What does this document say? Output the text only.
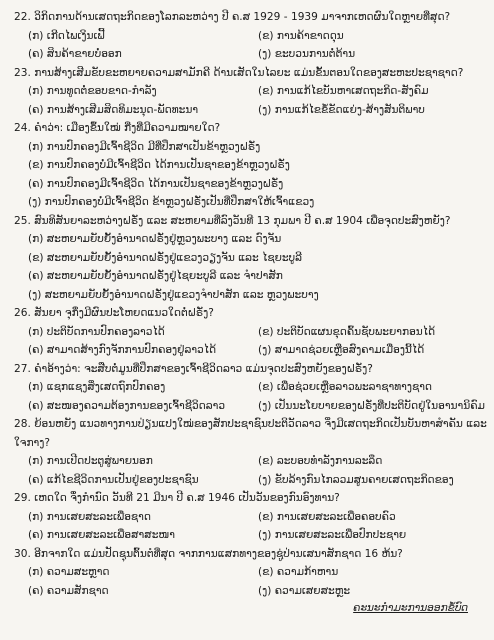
22. ວິກິດການດ້ານເສດຖະກິດຂອງໂລກລະຫວ່າງ ປີ ຄ.ສ 1929 - 1939 ມາຈາກເຫດຜົນໃດຫຼາຍທີ່ສຸດ?
(ກ) ເກີດໄພເງິນເຟີ້	(ຂ) ການຄ້າຂາດດຸນ
(ຄ) ສິນຄ້າຂາຍບໍ່ອອກ	(ງ) ຂະບວນການຕໍ່ຕ້ານ
23. ການສ້າງເສີມຂັບຂະຫຍາຍຄວາມສາມັກຄີ ດ້ານເສັດໃນໄລຍະ ແມ່ນຂັ້ນຕອນໃດຂອງສະຫະປະຊາຊາດ?
(ກ) ການທູດຕໍ່ຂອບຂາດ-ກຳລັງ	(ຂ) ການແກ້ໄຂບັນຫາເສດຖະກິດ-ສັງຄົມ
(ຄ) ການສ້າງເສີມສິດທິມະນຸດ-ພັດທະນາ	(ງ) ການແກ້ໄຂຂໍ້ຂັດແຍ່ງ-ສ້າງສັນຕິພາບ
24. ຄຳວ່າ: ເມືອງຂຶ້ນໃໝ່ ກີ່ງທີ່ມີຄວາມໝາຍໃດ?
(ກ) ການປົກຄອງມີເຈົ້າຊີວິດ ມີທີ່ປຶກສາເປັນຂ້າຫຼວງຝຣັ່ງ
(ຂ) ການປົກຄອງບໍ່ມີເຈົ້າຊີວິດ ໄດ້ການເປັນຊາຂອງຂ້າຫຼວງຝຣັ່ງ
(ຄ) ການປົກຄອງມີເຈົ້າຊີວິດ ໄດ້ການເປັນຊາຂອງຂ້າຫຼວງຝຣັ່ງ
(ງ) ການປົກຄອງບໍ່ມີເຈົ້າຊີວິດ ຂ້າຫຼວງຝຣັ່ງເປັນທີ່ປຶກສາໃຫ້ເຈົ້າແຂວງ
25. ສົນທິສັນຍາລະຫວ່າງຝຣັ່ງ ແລະ ສະຫຍາມທີ່ລົງວັນທີ 13 ກຸມພາ ປີ ຄ.ສ 1904 ເພື່ອຈຸດປະສົງຫຍັງ?
(ກ) ສະຫຍາມຍັບຍັ້ງອຳນາດຝຣັ່ງຢູ່ຫຼວງພະບາງ ແລະ ດົງຈັນ
(ຂ) ສະຫຍາມຍັບຍັ້ງອຳນາດຝຣັ່ງຢູ່ແຂວງວຽງຈັນ ແລະ ໄຊຍະບູລີ
(ຄ) ສະຫຍາມຍັບຍັ້ງອຳນາດຝຣັ່ງຢູ່ໄຊຍະບູລີ ແລະ ຈຳປາສັກ
(ງ) ສະຫຍາມຍັບຍັ້ງອຳນາດຝຣັ່ງຢູ່ແຂວງຈຳປາສັກ ແລະ ຫຼວງພະບາງ
26. ສັນຍາ ຈຸກຶ່ງມີຜົນປະໂຫຍດແນວໃດຕໍ່ຝຣັ່ງ?
(ກ) ປະຕິບັດການປົກຄອງລາວໄດ້	(ຂ) ປະຕິບັດແຜນຂຸດຄົ້ນຊັບພະຍາກອນໄດ້
(ຄ) ສາມາດສ້າງກົງຈັກການປົກຄອງຢູ່ລາວໄດ້	(ງ) ສາມາດຊ່ວຍເຫຼືອສົງຄາມເມື່ອງນີ້ໄດ້
27. ຄຳອ້າງວ່າ: ຈະສືບຕໍ່ມູນທີ່ປຶກສາຂອງເຈົ້າຊີວິດລາວ ແມ່ນຈຸດປະສົງຫຍັງຂອງຝຣັ່ງ?
(ກ) ແຊກແຊງສິ່ງເສດຖົກປົກຄອງ	(ຂ) ເພື່ອຊ່ວຍເຫຼືອລາວພະລາຊາທາງຊາດ
(ຄ) ສະໜອງຄວາມຕ້ອງການຂອງເຈົ້າຊີວິດລາວ	(ງ) ເປັນນະໂຍບາຍຂອງຝຣັ່ງທີ່ປະຕິບັດຢູ່ໃນອານານິຄົມ
28. ຍ້ອນຫຍັງ ແນວທາງການປ່ຽນແປງໃໝ່ຂອງສັກປະຊາຊົນປະຕິວັດລາວ ຈິ່ງມີເສດຖະກິດເປັນບັນຫາສຳຄັນ ແລະ ໃຈກາງ?
(ກ) ການເປີດປະຕູສູ່ພາຍນອກ	(ຂ) ລະບອບທຳລັງການລະລຶດ
(ຄ) ແກ້ໄຂຊີວິດການເປັນຢູ່ຂອງປະຊາຊົນ	(ງ) ຂັບລ້າງກົນໄກລວມສູນຄາຍເສດຖະກິດຂອງ
29. ເຫດໃດ ຈຶ່ງກຳນົດ ວັນທີ 21 ມີນາ ປີ ຄ.ສ 1946 ເປັນວັນຂອງກົນອົງທານ?
(ກ) ການເສຍສະລະເພື່ອຊາດ	(ຂ) ການເສຍສະລະເພື່ອຄອບຄົວ
(ຄ) ການເສຍສະລະເພື່ອສາສະໜາ	(ງ) ການເສຍສະລະເພື່ອປົກປະຊາຍ
30. ອີກຈາກໃດ ແມ່ນປັດຊຸນຕົ້ນຕໍທີ່ສຸດ ຈາກການແສກທາງຂອງຊູ່ປ່ານເສນາສັກຊາດ 16 ຫ້ນ?
(ກ) ຄວາມສະຫຼາດ	(ຂ) ຄວາມກ້າຫານ
(ຄ) ຄວາມສັກຊາດ	(ງ) ຄວາມເສຍສະຫຼະ
ຄະນະກຳມະການອອກຂໍ້ບົດ
